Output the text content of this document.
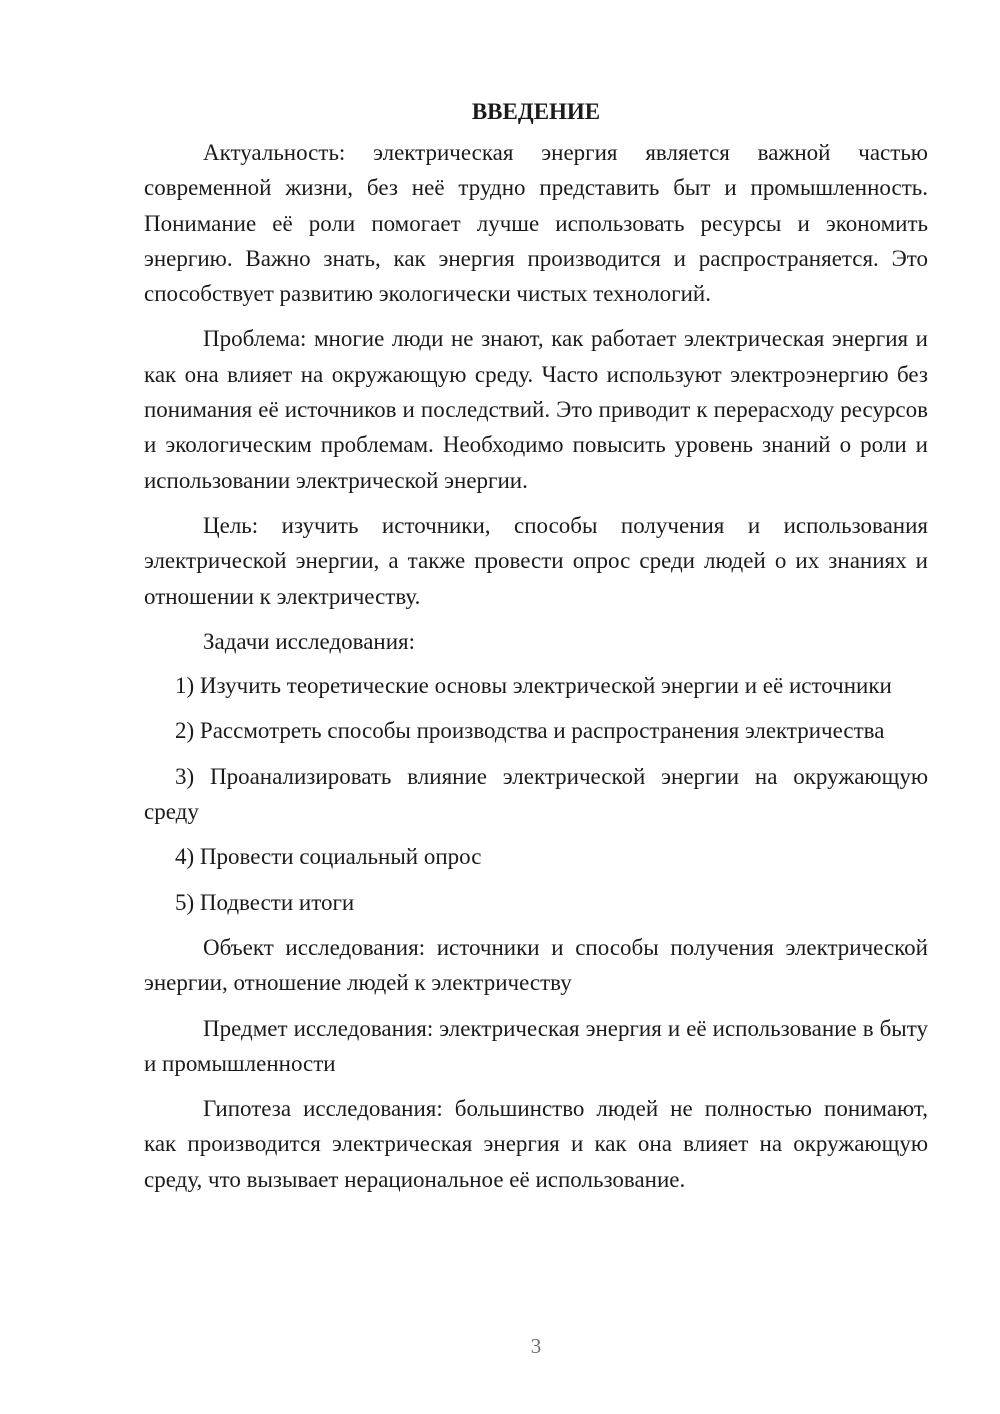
ВВЕДЕНИЕ

Актуальность: электрическая энергия является важной частью современной жизни, без неё трудно представить быт и промышленность. Понимание её роли помогает лучше использовать ресурсы и экономить энергию. Важно знать, как энергия производится и распространяется. Это способствует развитию экологически чистых технологий.

Проблема: многие люди не знают, как работает электрическая энергия и как она влияет на окружающую среду. Часто используют электроэнергию без понимания её источников и последствий. Это приводит к перерасходу ресурсов и экологическим проблемам. Необходимо повысить уровень знаний о роли и использовании электрической энергии.

Цель: изучить источники, способы получения и использования электрической энергии, а также провести опрос среди людей о их знаниях и отношении к электричеству.

Задачи исследования:

1) Изучить теоретические основы электрической энергии и её источники

2) Рассмотреть способы производства и распространения электричества

3) Проанализировать влияние электрической энергии на окружающую среду

4) Провести социальный опрос

5) Подвести итоги

Объект исследования: источники и способы получения электрической энергии, отношение людей к электричеству

Предмет исследования: электрическая энергия и её использование в быту и промышленности

Гипотеза исследования: большинство людей не полностью понимают, как производится электрическая энергия и как она влияет на окружающую среду, что вызывает нерациональное её использование.

3
